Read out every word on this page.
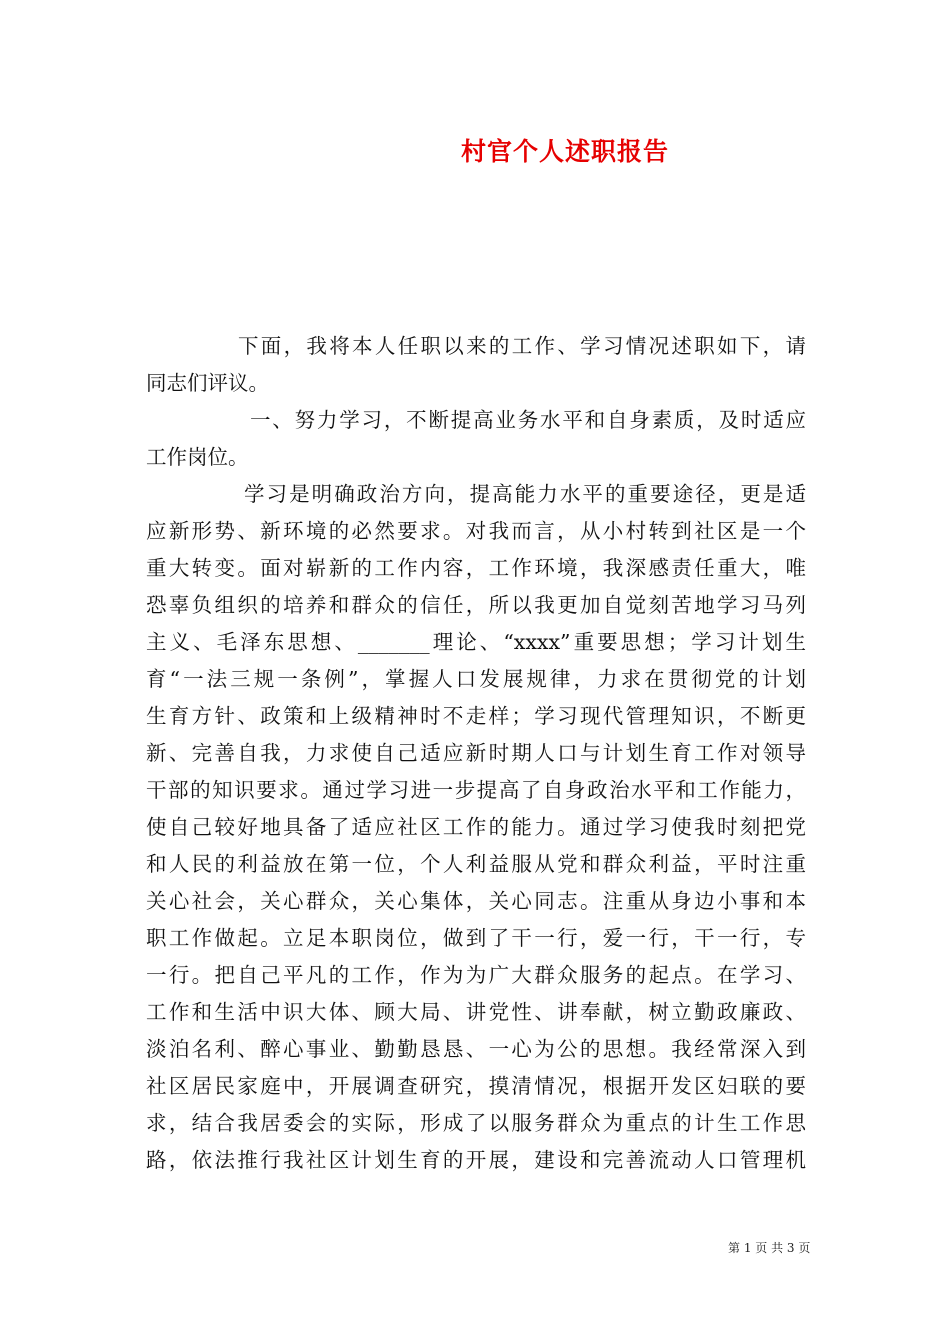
村官个人述职报告
下面，我将本人任职以来的工作、学习情况述职如下，请
同志们评议。
一、努力学习，不断提高业务水平和自身素质，及时适应
工作岗位。
学习是明确政治方向，提高能力水平的重要途径，更是适
应新形势、新环境的必然要求。对我而言，从小村转到社区是一个
重大转变。面对崭新的工作内容，工作环境，我深感责任重大，唯
恐辜负组织的培养和群众的信任，所以我更加自觉刻苦地学习马列
主义、毛泽东思想、_______理论、“xxxx”重要思想；学习计划生
育“一法三规一条例”，掌握人口发展规律，力求在贯彻党的计划
生育方针、政策和上级精神时不走样；学习现代管理知识，不断更
新、完善自我，力求使自己适应新时期人口与计划生育工作对领导
干部的知识要求。通过学习进一步提高了自身政治水平和工作能力，
使自己较好地具备了适应社区工作的能力。通过学习使我时刻把党
和人民的利益放在第一位，个人利益服从党和群众利益，平时注重
关心社会，关心群众，关心集体，关心同志。注重从身边小事和本
职工作做起。立足本职岗位，做到了干一行，爱一行，干一行，专
一行。把自己平凡的工作，作为为广大群众服务的起点。在学习、
工作和生活中识大体、顾大局、讲党性、讲奉献，树立勤政廉政、
淡泊名利、醉心事业、勤勤恳恳、一心为公的思想。我经常深入到
社区居民家庭中，开展调查研究，摸清情况，根据开发区妇联的要
求，结合我居委会的实际，形成了以服务群众为重点的计生工作思
路，依法推行我社区计划生育的开展，建设和完善流动人口管理机
第 1 页 共 3 页
